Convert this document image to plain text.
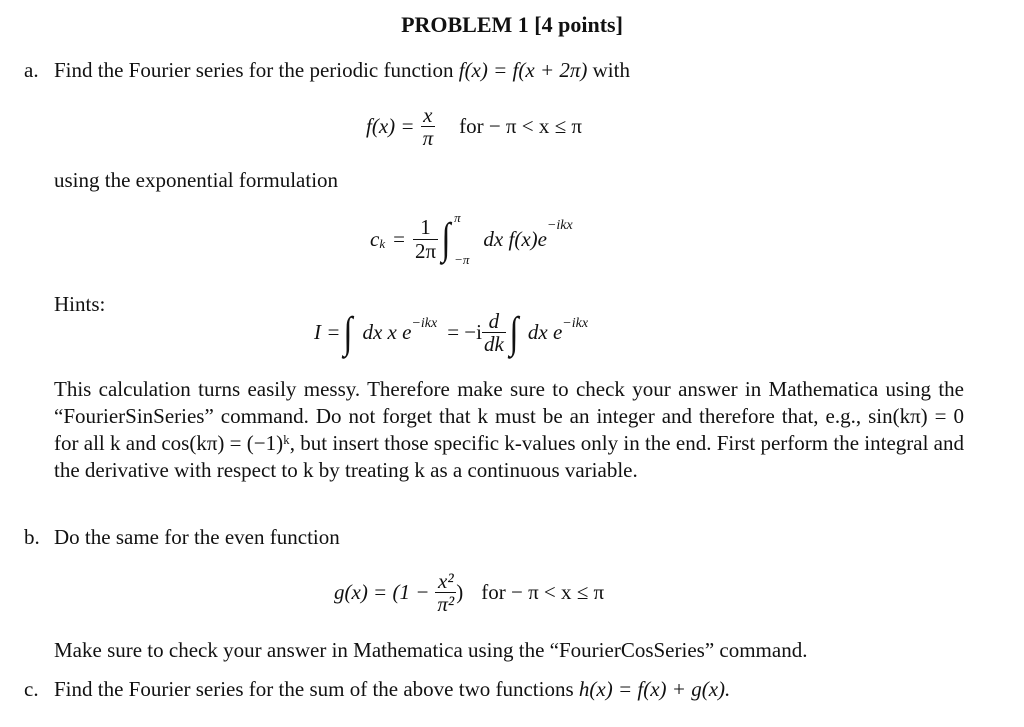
PROBLEM 1 [4 points]
a. Find the Fourier series for the periodic function f(x) = f(x + 2π) with
$f(x) = \frac{x}{\pi}$ for − π < x ≤ π
using the exponential formulation
c $k = \frac{1}{2\pi}$ ∫ π
−π
dx f(x)e
$^{-ikx}$
Hints:
I = ∫ dx x e $^{-ikx} = -i \frac{d}{dk}$ ∫ dx e $^{-ikx}$
This calculation turns easily messy. Therefore make sure to check your answer in Mathematica using the “FourierSinSeries” command. Do not forget that k must be an integer and therefore that, e.g., sin(kπ) = 0 for all k and cos(kπ) = (−1)ᵏ, but insert those specific k-values only in the end. First perform the integral and the derivative with respect to k by treating k as a continuous variable.
b. Do the same for the even function
$g(x) = (1 - \frac{\text{x²}}{\text{π²}}$ ) for − π < x ≤ π
Make sure to check your answer in Mathematica using the “FourierCosSeries” command.
c. Find the Fourier series for the sum of the above two functions h(x) = f(x) + g(x).
